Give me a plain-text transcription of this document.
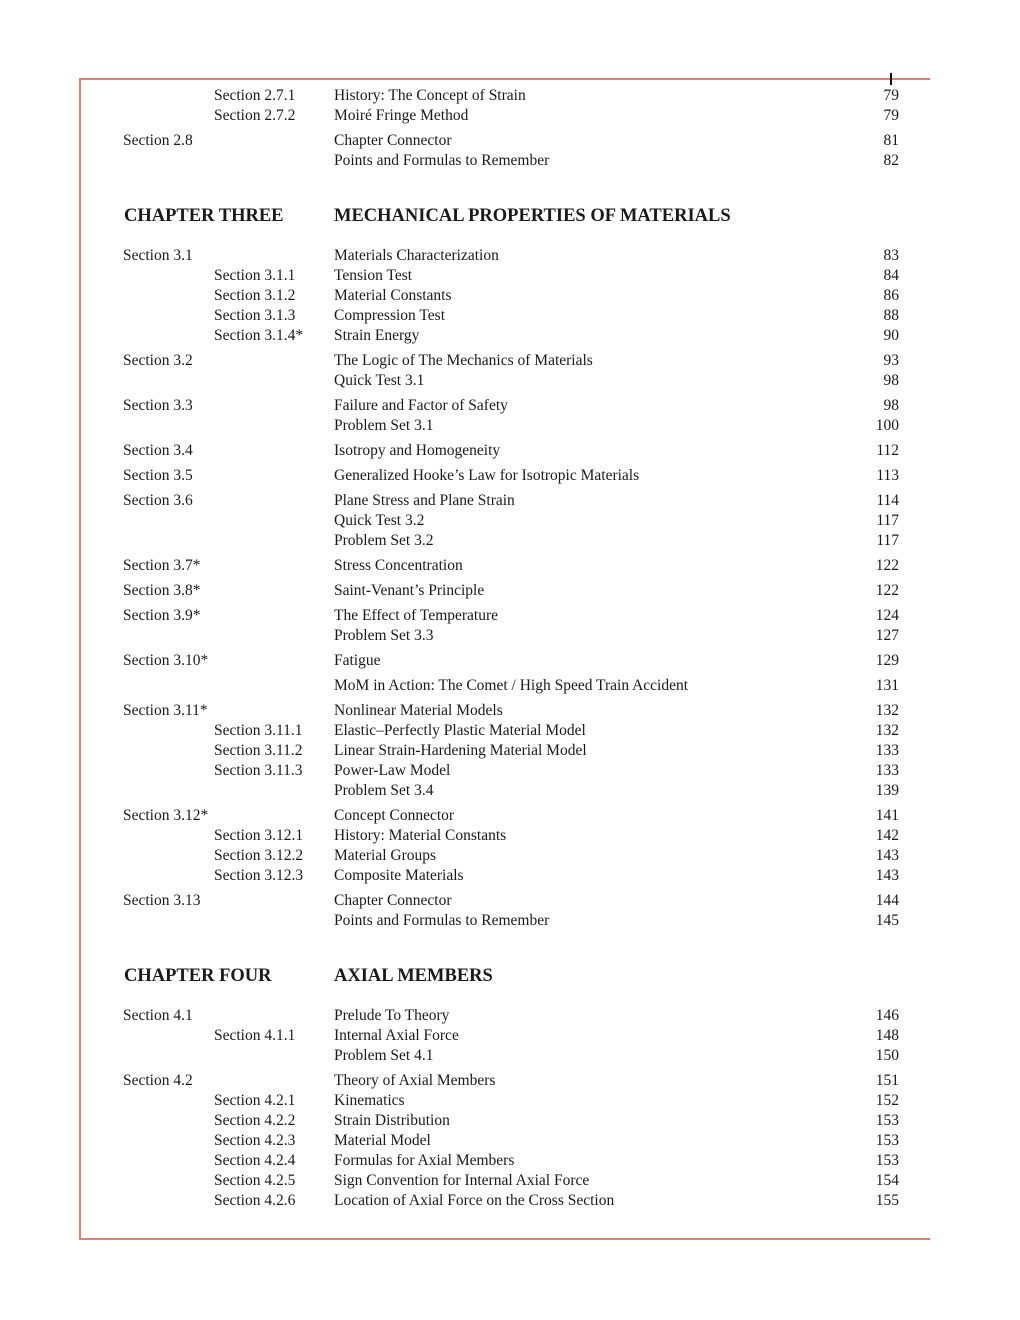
Section 2.7.1 History: The Concept of Strain	79
Section 2.7.2 Moiré Fringe Method	79
Section 2.8	Chapter Connector	81
Points and Formulas to Remember	82
CHAPTER THREE	MECHANICAL PROPERTIES OF MATERIALS
Section 3.1	Materials Characterization	83
Section 3.1.1 Tension Test	84
Section 3.1.2 Material Constants	86
Section 3.1.3 Compression Test	88
Section 3.1.4* Strain Energy	90
Section 3.2	The Logic of The Mechanics of Materials	93
Quick Test 3.1	98
Section 3.3	Failure and Factor of Safety	98
Problem Set 3.1	100
Section 3.4	Isotropy and Homogeneity	112
Section 3.5	Generalized Hooke’s Law for Isotropic Materials	113
Section 3.6	Plane Stress and Plane Strain	114
Quick Test 3.2	117
Problem Set 3.2	117
Section 3.7*	Stress Concentration	122
Section 3.8*	Saint-Venant’s Principle	122
Section 3.9*	The Effect of Temperature	124
Problem Set 3.3	127
Section 3.10*	Fatigue	129
MoM in Action: The Comet / High Speed Train Accident	131
Section 3.11*	Nonlinear Material Models	132
Section 3.11.1 Elastic–Perfectly Plastic Material Model	132
Section 3.11.2 Linear Strain-Hardening Material Model	133
Section 3.11.3 Power-Law Model	133
Problem Set 3.4	139
Section 3.12*	Concept Connector	141
Section 3.12.1 History: Material Constants	142
Section 3.12.2 Material Groups	143
Section 3.12.3 Composite Materials	143
Section 3.13	Chapter Connector	144
Points and Formulas to Remember	145
CHAPTER FOUR	AXIAL MEMBERS
Section 4.1	Prelude To Theory	146
Section 4.1.1 Internal Axial Force	148
Problem Set 4.1	150
Section 4.2	Theory of Axial Members	151
Section 4.2.1 Kinematics	152
Section 4.2.2 Strain Distribution	153
Section 4.2.3 Material Model	153
Section 4.2.4 Formulas for Axial Members	153
Section 4.2.5 Sign Convention for Internal Axial Force	154
Section 4.2.6 Location of Axial Force on the Cross Section	155
